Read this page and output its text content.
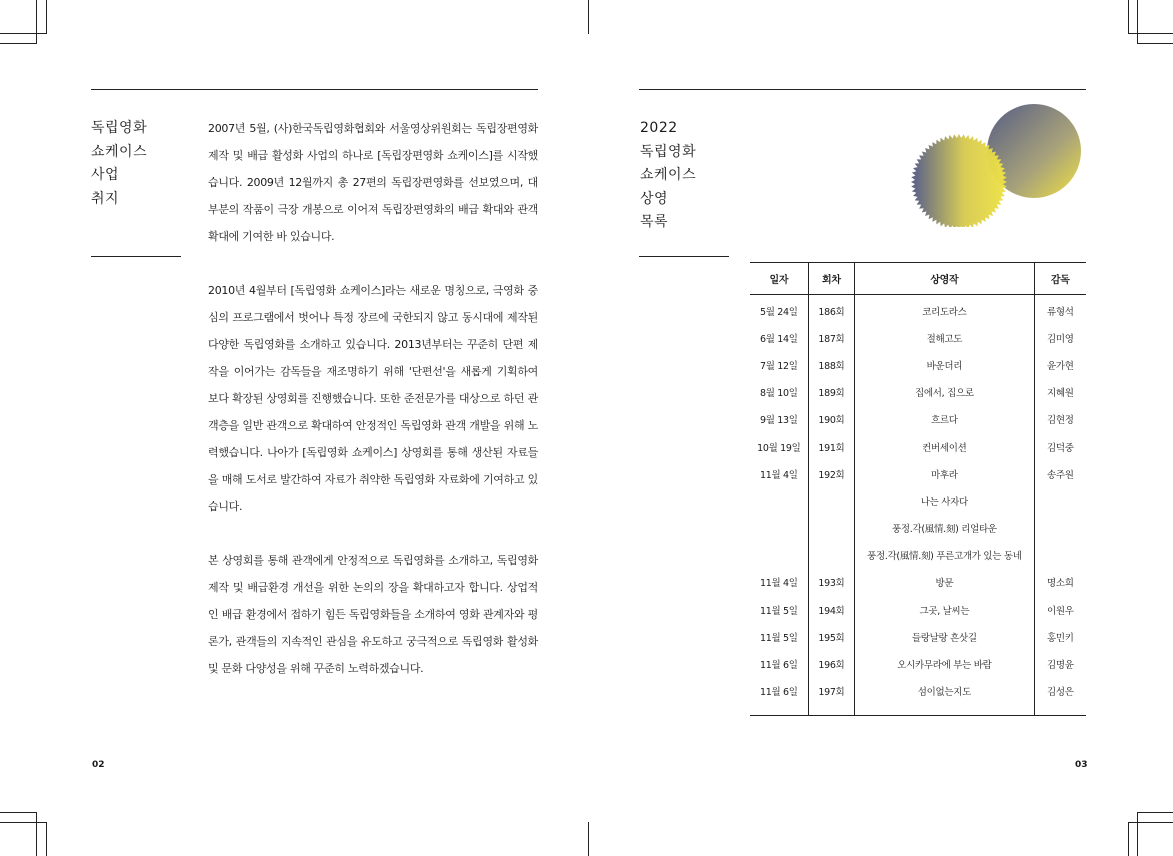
독립영화
쇼케이스
사업
취지
2007년 5월, (사)한국독립영화협회와 서울영상위원회는 독립장편영화 제작 및 배급 활성화 사업의 하나로 [독립장편영화 쇼케이스]를 시작했습니다. 2009년 12월까지 총 27편의 독립장편영화를 선보였으며, 대부분의 작품이 극장 개봉으로 이어져 독립장편영화의 배급 확대와 관객 확대에 기여한 바 있습니다.
2010년 4월부터 [독립영화 쇼케이스]라는 새로운 명칭으로, 극영화 중심의 프로그램에서 벗어나 특정 장르에 국한되지 않고 동시대에 제작된 다양한 독립영화를 소개하고 있습니다. 2013년부터는 꾸준히 단편 제작을 이어가는 감독들을 재조명하기 위해 '단편선'을 새롭게 기획하여 보다 확장된 상영회를 진행했습니다. 또한 준전문가를 대상으로 하던 관객층을 일반 관객으로 확대하여 안정적인 독립영화 관객 개발을 위해 노력했습니다. 나아가 [독립영화 쇼케이스] 상영회를 통해 생산된 자료들을 매해 도서로 발간하여 자료가 취약한 독립영화 자료화에 기여하고 있습니다.
본 상영회를 통해 관객에게 안정적으로 독립영화를 소개하고, 독립영화 제작 및 배급환경 개선을 위한 논의의 장을 확대하고자 합니다. 상업적인 배급 환경에서 접하기 힘든 독립영화들을 소개하여 영화 관계자와 평론가, 관객들의 지속적인 관심을 유도하고 궁극적으로 독립영화 활성화 및 문화 다양성을 위해 꾸준히 노력하겠습니다.
02
2022
독립영화
쇼케이스
상영
목록
일자	회차	상영작	감독
5월 24일	186회	코리도라스	류형석
6월 14일	187회	절해고도	김미영
7월 12일	188회	바운더리	윤가현
8월 10일	189회	집에서, 집으로	지혜원
9월 13일	190회	흐르다	김현정
10월 19일	191회	컨버세이션	김덕중
11월 4일	192회	마후라	송주원
		나는 사자다	
		풍정.각(風情.刻) 리얼타운	
		풍정.각(風情.刻) 푸른고개가 있는 동네	
11월 4일	193회	방문	명소희
11월 5일	194회	그곳, 날씨는	이원우
11월 5일	195회	들랑날랑 흔삿길	홍민키
11월 6일	196회	오시카무라에 부는 바람	김명윤
11월 6일	197회	섬이없는지도	김성은
03
